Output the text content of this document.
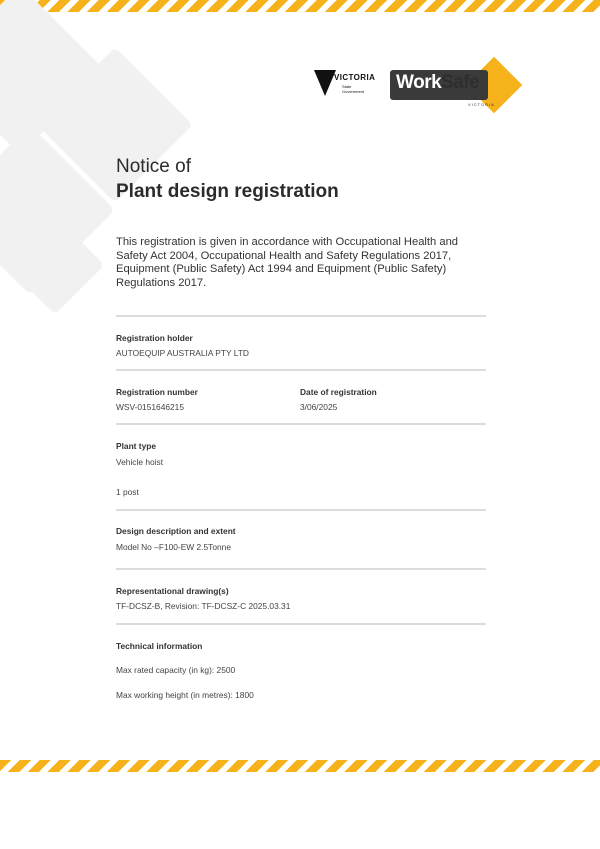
VICTORIA
State Government	WorkSafe
VICTORIA
Notice of
Plant design registration
This registration is given in accordance with Occupational Health and Safety Act 2004, Occupational Health and Safety Regulations 2017, Equipment (Public Safety) Act 1994 and Equipment (Public Safety) Regulations 2017.
Registration holder
AUTOEQUIP AUSTRALIA PTY LTD
Registration number
WSV-0151646215
Date of registration
3/06/2025
Plant type
Vehicle hoist
1 post
Design description and extent
Model No –F100-EW 2.5Tonne
Representational drawing(s)
TF-DCSZ-B, Revision: TF-DCSZ-C 2025.03.31
Technical information
Max rated capacity (in kg): 2500
Max working height (in metres): 1800
